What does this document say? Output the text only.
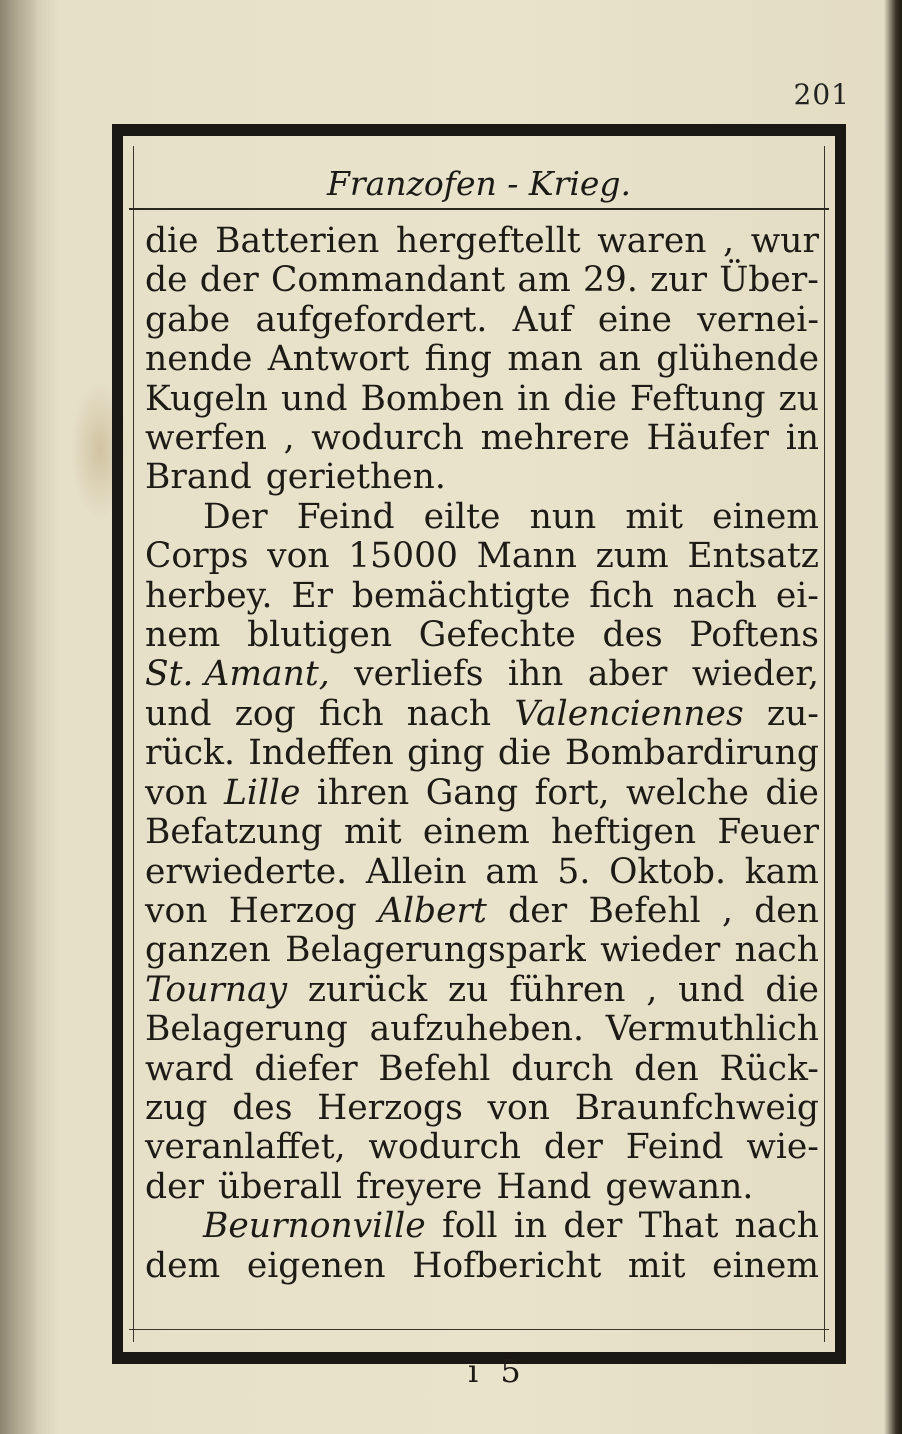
201
Franzofen - Krieg.
die Batterien hergeftellt waren , wur
de der Commandant am 29. zur Über-
gabe aufgefordert. Auf eine vernei-
nende Antwort fing man an glühende
Kugeln und Bomben in die Feftung zu
werfen , wodurch mehrere Häufer in
Brand geriethen.
Der Feind eilte nun mit einem
Corps von 15000 Mann zum Entsatz
herbey. Er bemächtigte fich nach ei-
nem blutigen Gefechte des Poftens
St. Amant, verliefs ihn aber wieder,
und zog fich nach Valenciennes zu-
rück. Indeffen ging die Bombardirung
von Lille ihren Gang fort, welche die
Befatzung mit einem heftigen Feuer
erwiederte. Allein am 5. Oktob. kam
von Herzog Albert der Befehl , den
ganzen Belagerungspark wieder nach
Tournay zurück zu führen , und die
Belagerung aufzuheben. Vermuthlich
ward diefer Befehl durch den Rück-
zug des Herzogs von Braunfchweig
veranlaffet, wodurch der Feind wie-
der überall freyere Hand gewann.
Beurnonville foll in der That nach
dem eigenen Hofbericht mit einem
i 5
